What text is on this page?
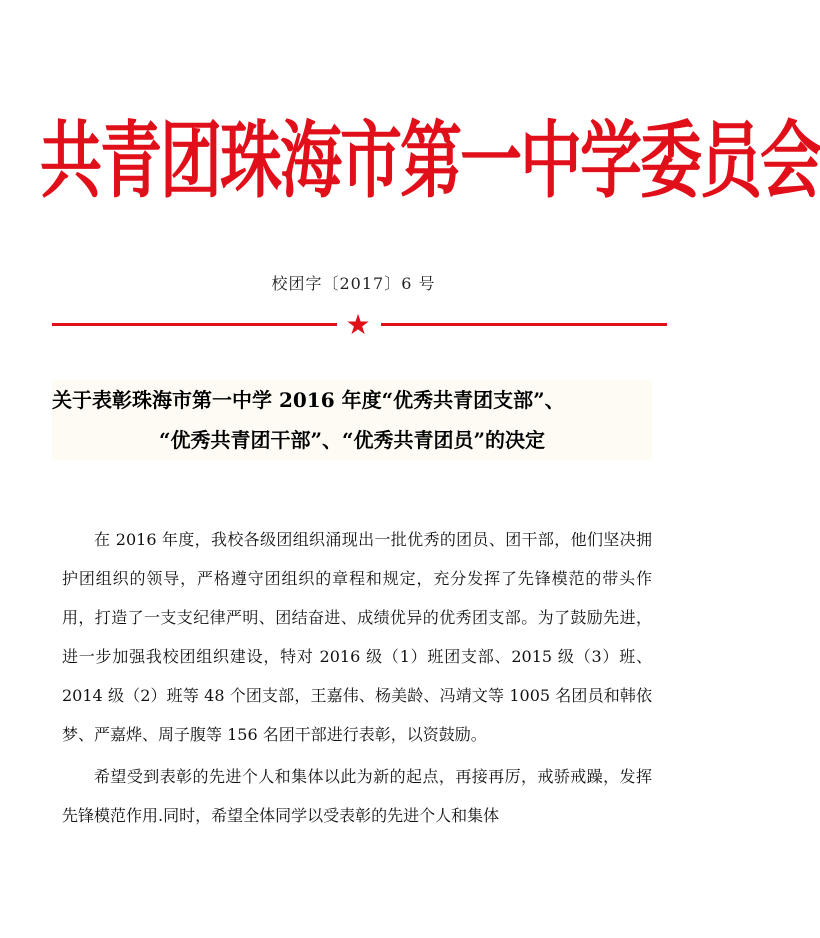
共青团珠海市第一中学委员会
校团字〔2017〕6 号
★
关于表彰珠海市第一中学 2016 年度“优秀共青团支部”、
“优秀共青团干部”、“优秀共青团员”的决定

在 2016 年度，我校各级团组织涌现出一批优秀的团员、团干部，他们坚决拥护团组织的领导，严格遵守团组织的章程和规定，充分发挥了先锋模范的带头作用，打造了一支支纪律严明、团结奋进、成绩优异的优秀团支部。为了鼓励先进，进一步加强我校团组织建设，特对 2016 级（1）班团支部、2015 级（3）班、2014 级（2）班等 48 个团支部，王嘉伟、杨美龄、冯靖文等 1005 名团员和韩依梦、严嘉烨、周子腹等 156 名团干部进行表彰，以资鼓励。

希望受到表彰的先进个人和集体以此为新的起点，再接再厉，戒骄戒躁，发挥先锋模范作用.同时，希望全体同学以受表彰的先进个人和集体
